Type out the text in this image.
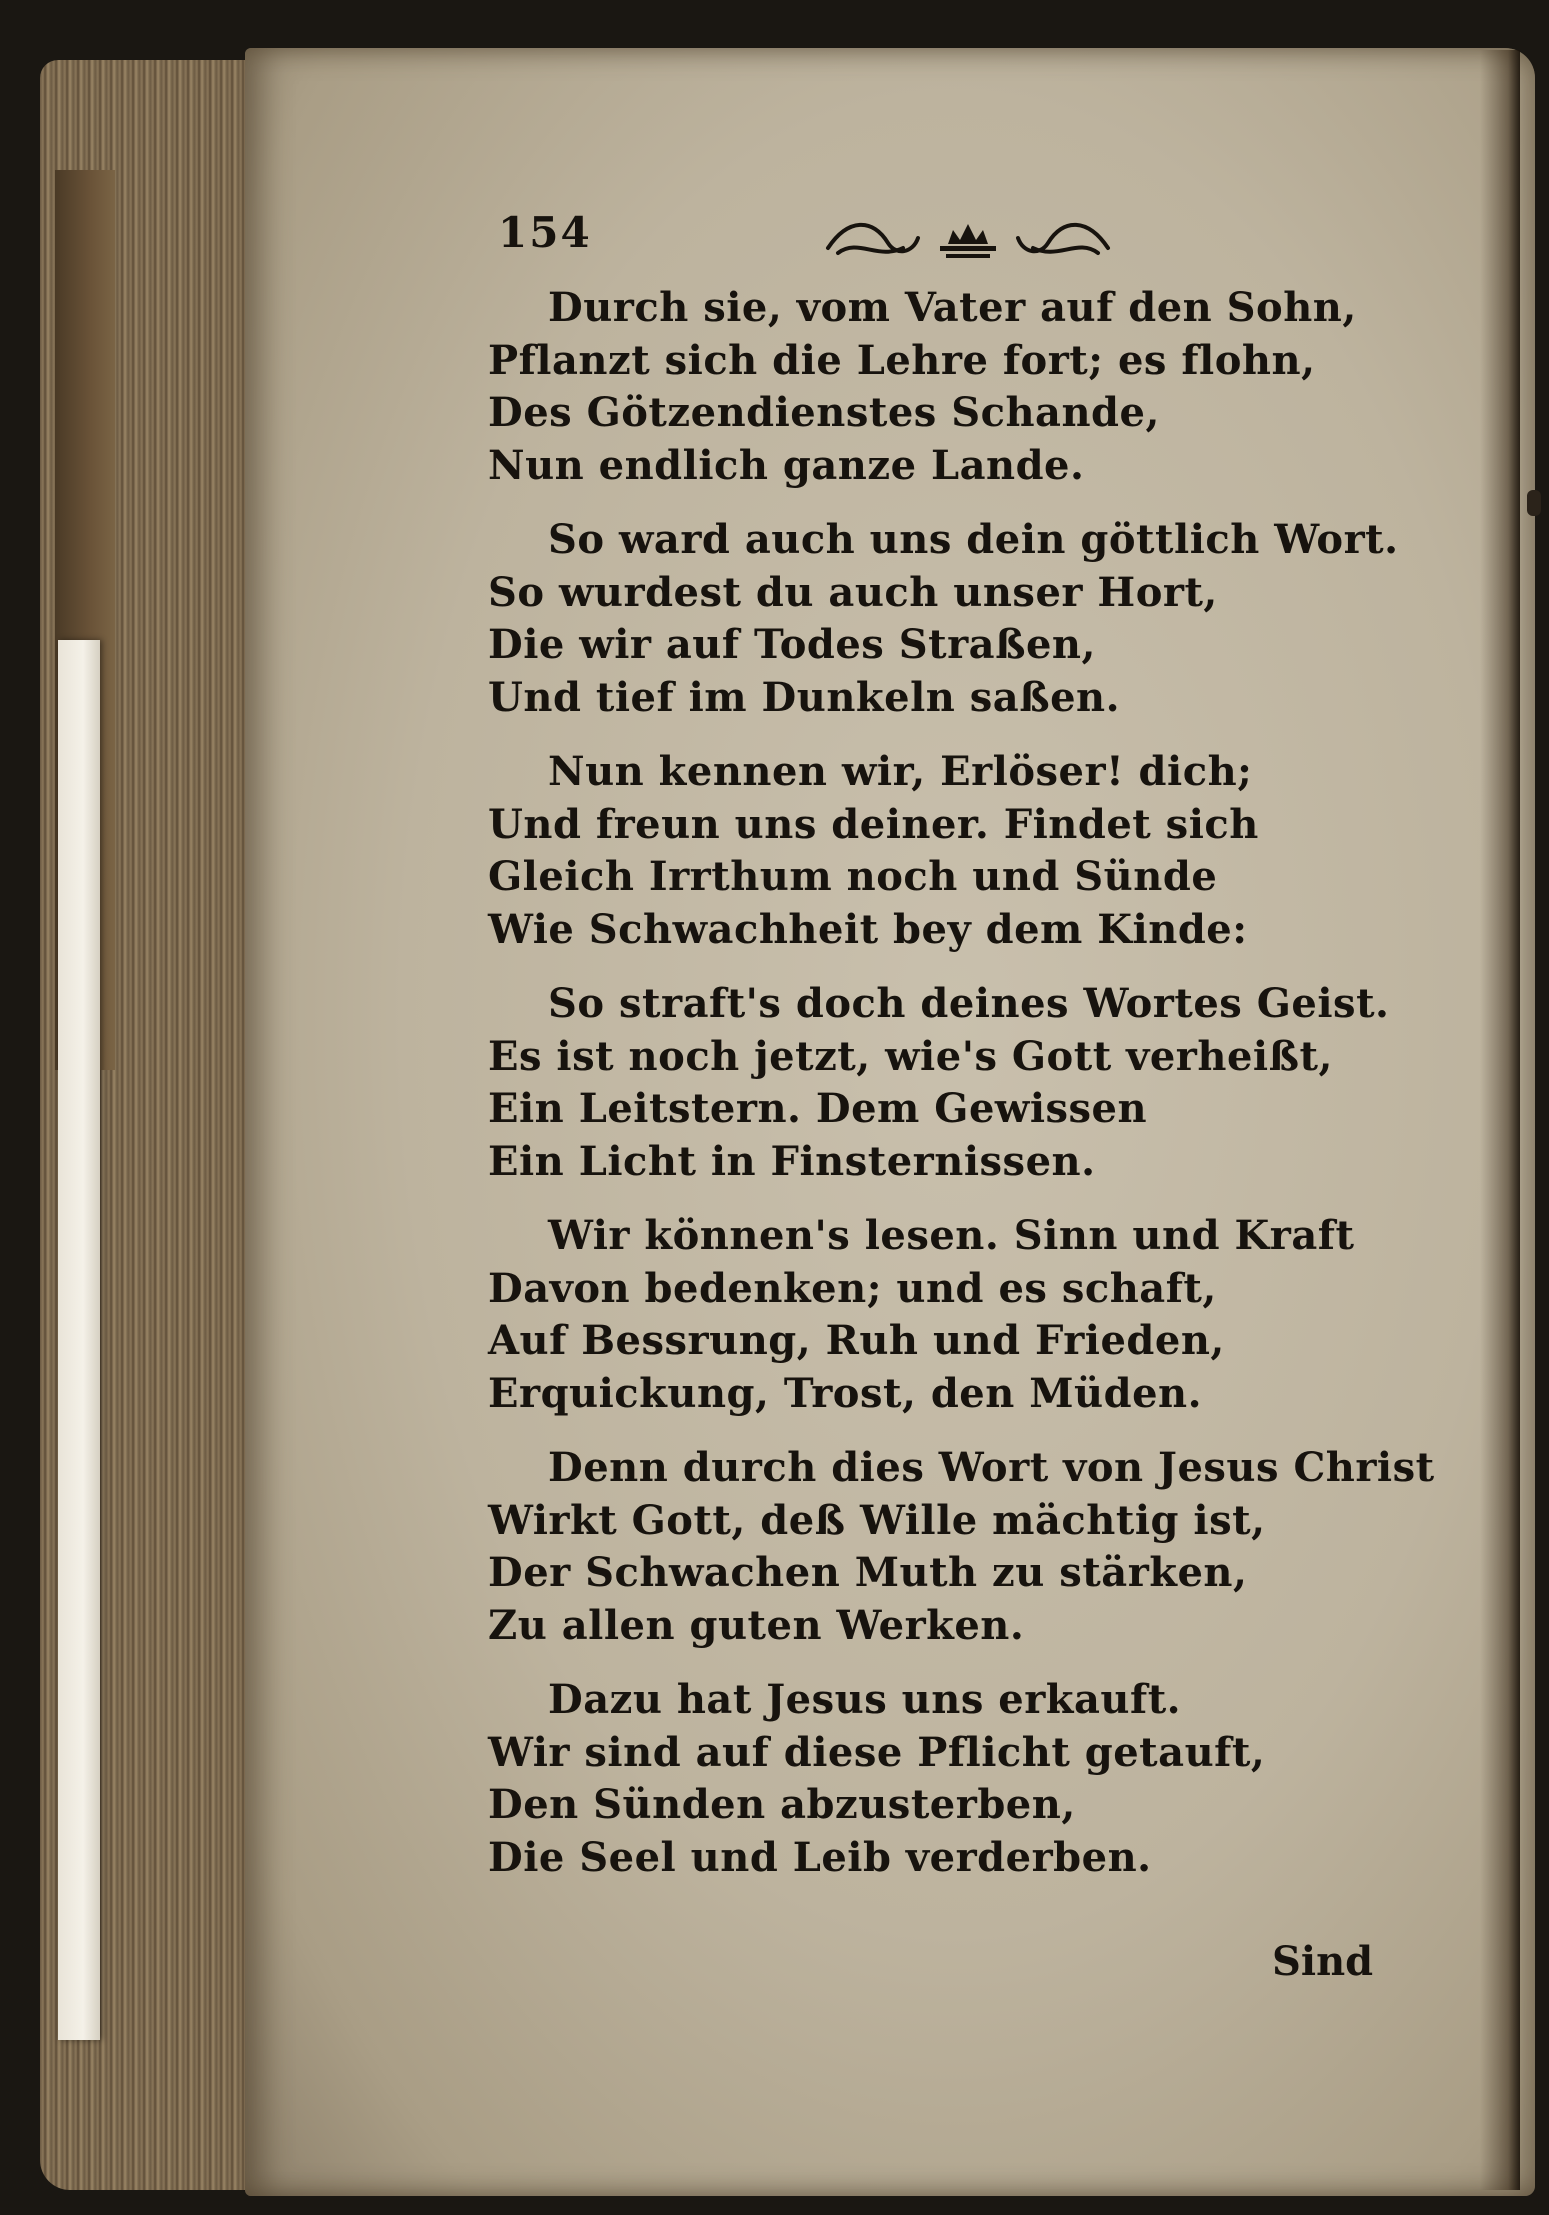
154
Durch sie, vom Vater auf den Sohn,
Pflanzt sich die Lehre fort; es flohn,
Des Götzendienstes Schande,
Nun endlich ganze Lande.
So ward auch uns dein göttlich Wort.
So wurdest du auch unser Hort,
Die wir auf Todes Straßen,
Und tief im Dunkeln saßen.
Nun kennen wir, Erlöser! dich;
Und freun uns deiner. Findet sich
Gleich Irrthum noch und Sünde
Wie Schwachheit bey dem Kinde:
So straft's doch deines Wortes Geist.
Es ist noch jetzt, wie's Gott verheißt,
Ein Leitstern. Dem Gewissen
Ein Licht in Finsternissen.
Wir können's lesen. Sinn und Kraft
Davon bedenken; und es schaft,
Auf Bessrung, Ruh und Frieden,
Erquickung, Trost, den Müden.
Denn durch dies Wort von Jesus Christ
Wirkt Gott, deß Wille mächtig ist,
Der Schwachen Muth zu stärken,
Zu allen guten Werken.
Dazu hat Jesus uns erkauft.
Wir sind auf diese Pflicht getauft,
Den Sünden abzusterben,
Die Seel und Leib verderben.
Sind
